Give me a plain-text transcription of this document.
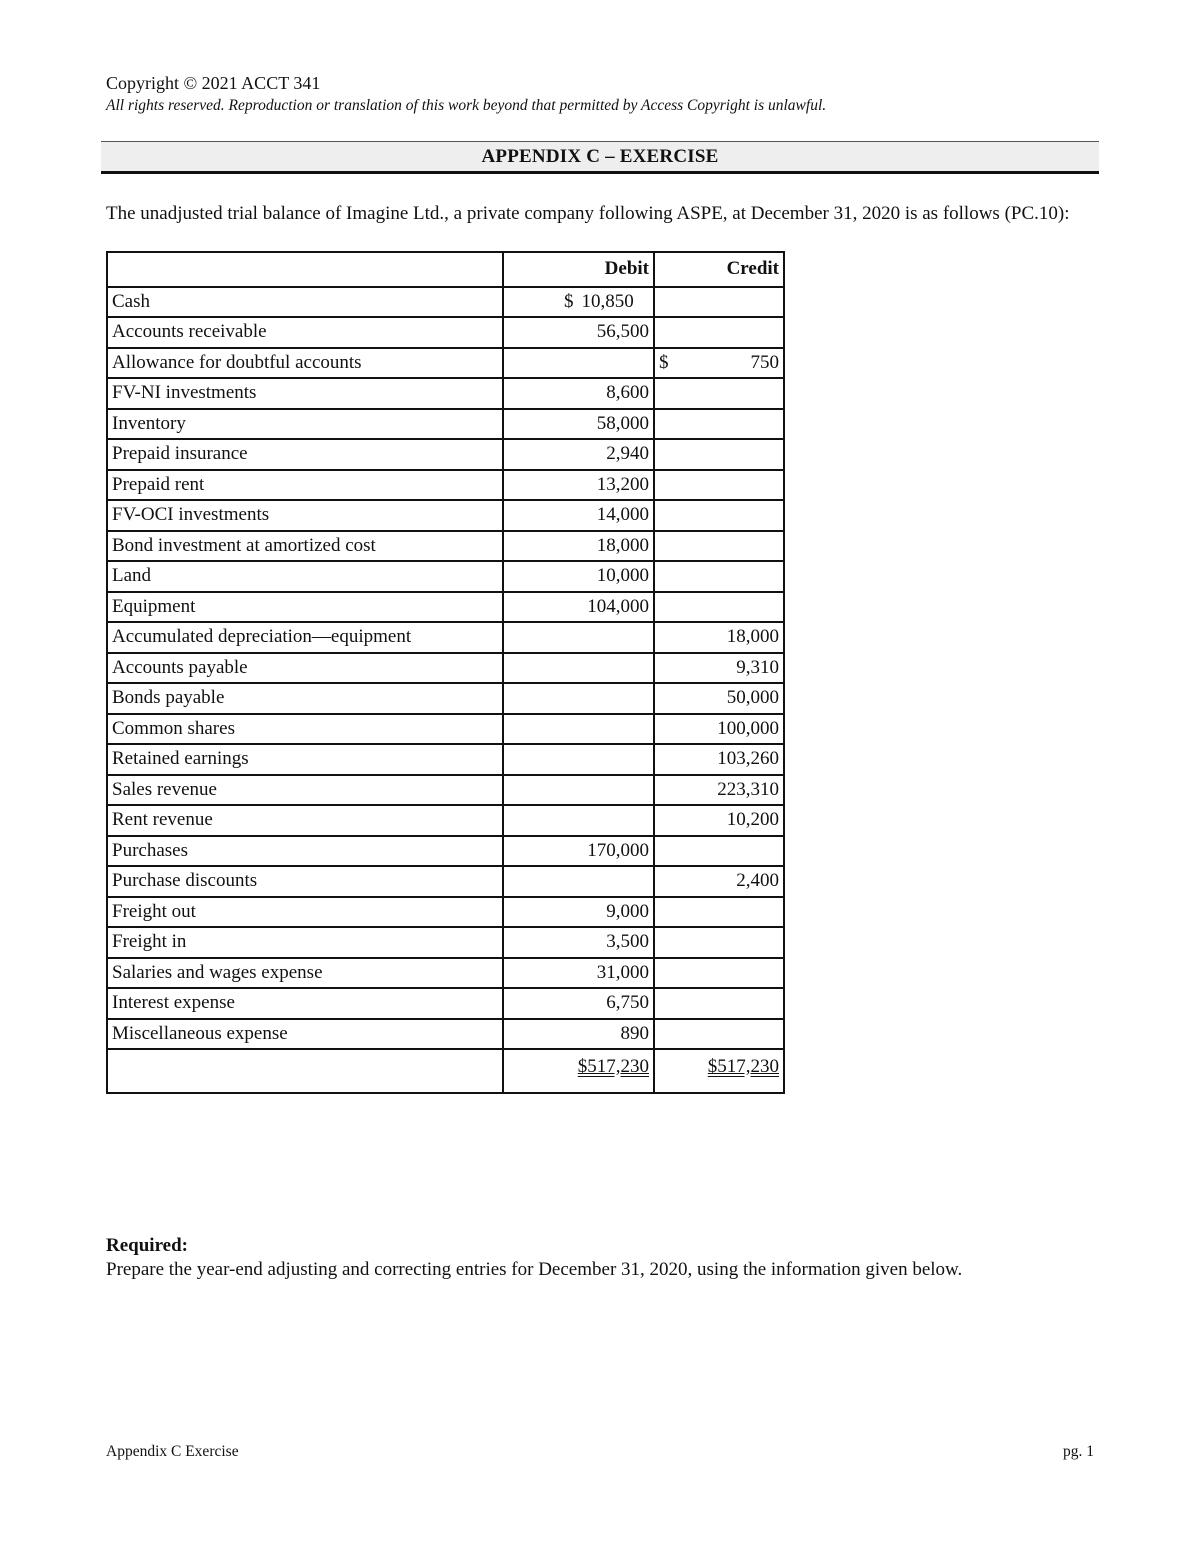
Copyright © 2021 ACCT 341
All rights reserved. Reproduction or translation of this work beyond that permitted by Access Copyright is unlawful.
APPENDIX C – EXERCISE
The unadjusted trial balance of Imagine Ltd., a private company following ASPE, at December 31, 2020 is as follows (PC.10):
	Debit	Credit
Cash	$ 10,850	

Accounts receivable	56,500	
Allowance for doubtful accounts		$ 750

FV-NI investments	8,600	
Inventory	58,000	
Prepaid insurance	2,940	
Prepaid rent	13,200	
FV-OCI investments	14,000	
Bond investment at amortized cost	18,000	
Land	10,000	
Equipment	104,000	
Accumulated depreciation—equipment		18,000
Accounts payable		9,310
Bonds payable		50,000
Common shares		100,000
Retained earnings		103,260
Sales revenue		223,310
Rent revenue		10,200
Purchases	170,000	
Purchase discounts		2,400
Freight out	9,000	
Freight in	3,500	
Salaries and wages expense	31,000	
Interest expense	6,750	
Miscellaneous expense	890	
	$517,230	$517,230
Required:
Prepare the year-end adjusting and correcting entries for December 31, 2020, using the information given below.
Appendix C Exercise	pg. 1
